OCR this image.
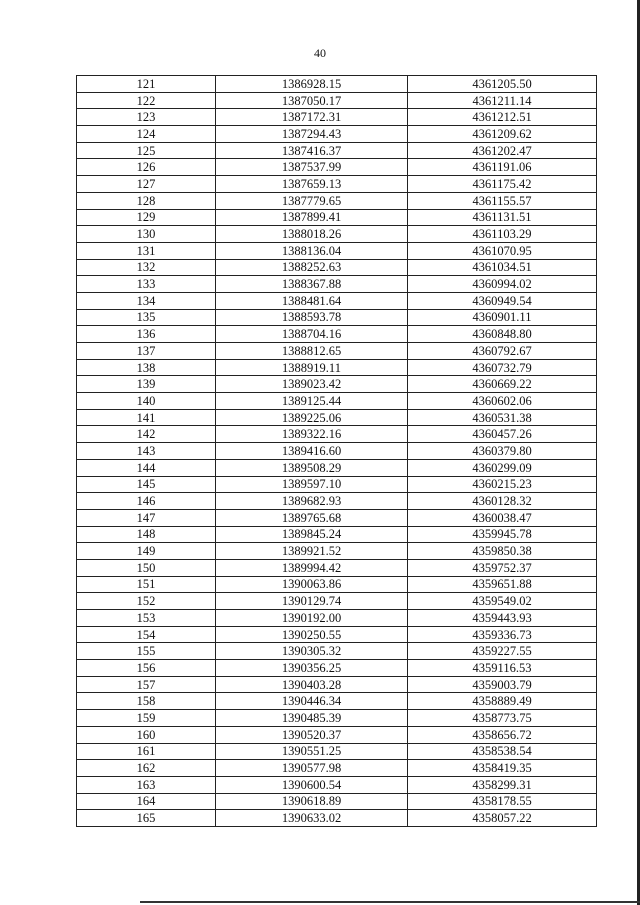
40
121	1386928.15	4361205.50
122	1387050.17	4361211.14
123	1387172.31	4361212.51
124	1387294.43	4361209.62
125	1387416.37	4361202.47
126	1387537.99	4361191.06
127	1387659.13	4361175.42
128	1387779.65	4361155.57
129	1387899.41	4361131.51
130	1388018.26	4361103.29
131	1388136.04	4361070.95
132	1388252.63	4361034.51
133	1388367.88	4360994.02
134	1388481.64	4360949.54
135	1388593.78	4360901.11
136	1388704.16	4360848.80
137	1388812.65	4360792.67
138	1388919.11	4360732.79
139	1389023.42	4360669.22
140	1389125.44	4360602.06
141	1389225.06	4360531.38
142	1389322.16	4360457.26
143	1389416.60	4360379.80
144	1389508.29	4360299.09
145	1389597.10	4360215.23
146	1389682.93	4360128.32
147	1389765.68	4360038.47
148	1389845.24	4359945.78
149	1389921.52	4359850.38
150	1389994.42	4359752.37
151	1390063.86	4359651.88
152	1390129.74	4359549.02
153	1390192.00	4359443.93
154	1390250.55	4359336.73
155	1390305.32	4359227.55
156	1390356.25	4359116.53
157	1390403.28	4359003.79
158	1390446.34	4358889.49
159	1390485.39	4358773.75
160	1390520.37	4358656.72
161	1390551.25	4358538.54
162	1390577.98	4358419.35
163	1390600.54	4358299.31
164	1390618.89	4358178.55
165	1390633.02	4358057.22
